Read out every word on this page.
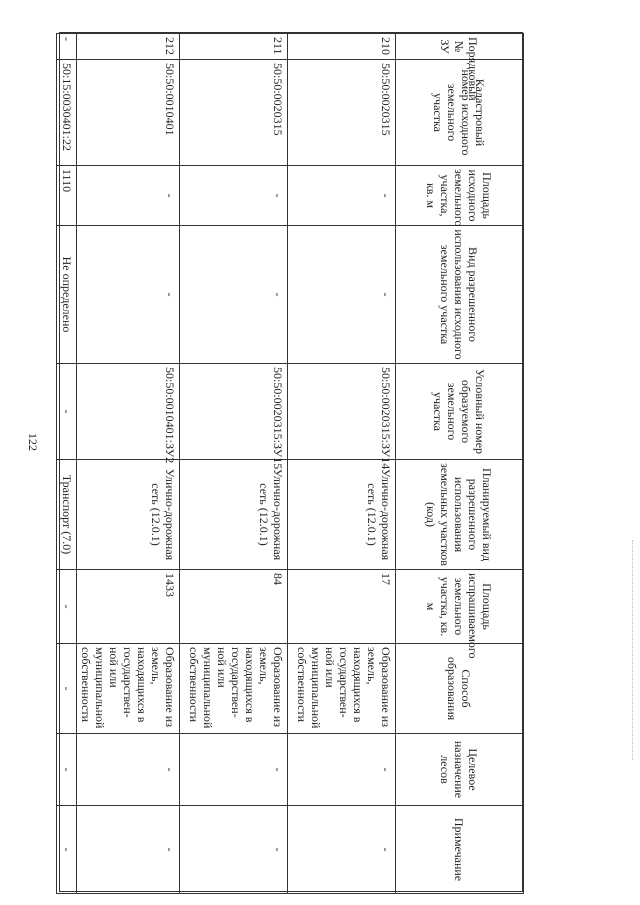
122
Порядковый № ЗУ	Кадастровый номер исходного земельного участка	Площадь исходного земельного участка, кв. м	Вид разрешенного использования исходного земельного участка	Условный номер образуемого земельного участка	Планируемый вид разрешенного использования земельных участков (код)	Площадь испрашиваемого земельного участка, кв. м	Способ образования	Целевое назначение лесов	Примечание
210	50:50:0020315	-	-	50:50:0020315:ЗУ14	Улично-дорожная сеть (12.0.1)	17	Образование из земель, находящихся в государствен-ной или муниципальной собственности	-	-
211	50:50:0020315	-	-	50:50:0020315:ЗУ15	Улично-дорожная сеть (12.0.1)	84	Образование из земель, находящихся в государствен-ной или муниципальной собственности	-	-
212	50:50:0010401	-	-	50:50:0010401:ЗУ2	Улично-дорожная сеть (12.0.1)	1433	Образование из земель, находящихся в государствен-ной или муниципальной собственности	-	-
-	50:15:0030401:22	1110	Не определено	-	Транспорт (7.0)	-	-	-	-
